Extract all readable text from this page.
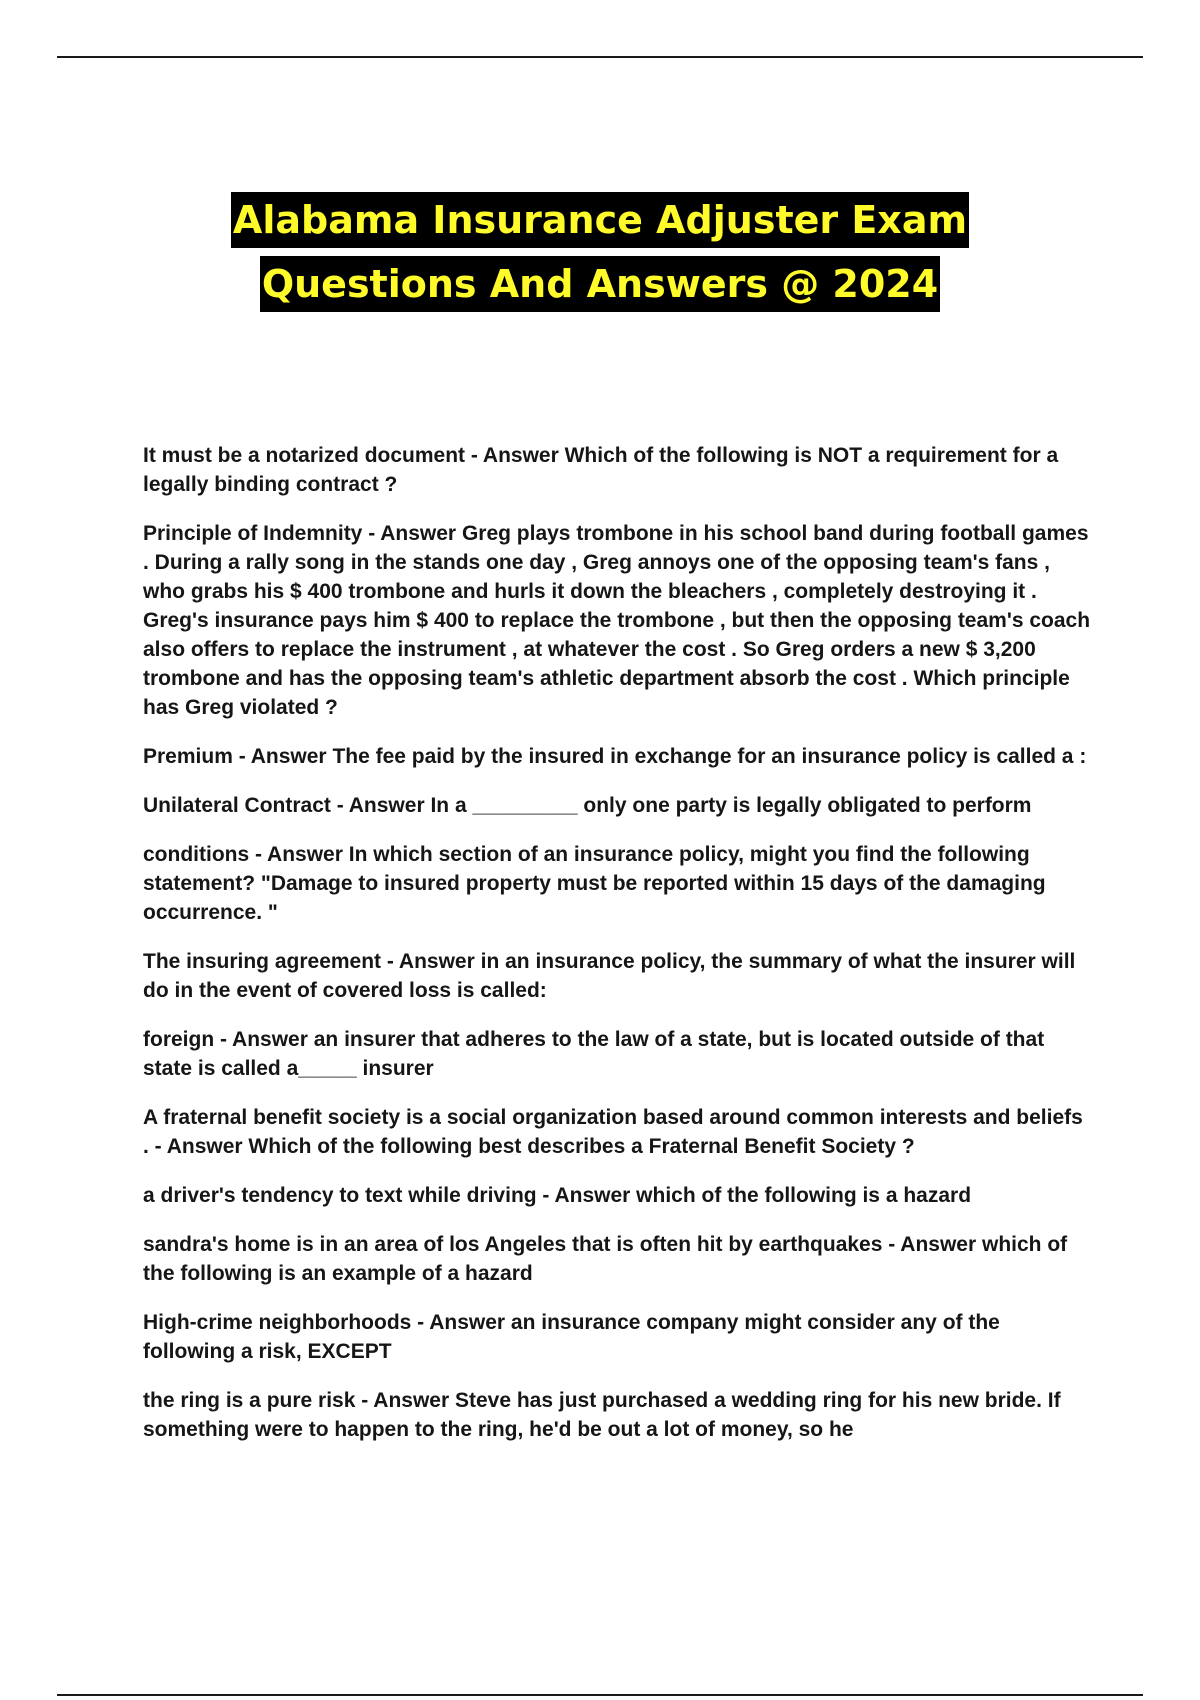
Alabama Insurance Adjuster Exam
Questions And Answers @ 2024

It must be a notarized document - Answer Which of the following is NOT a requirement for a legally binding contract ?

Principle of Indemnity - Answer Greg plays trombone in his school band during football games . During a rally song in the stands one day , Greg annoys one of the opposing team's fans , who grabs his $ 400 trombone and hurls it down the bleachers , completely destroying it . Greg's insurance pays him $ 400 to replace the trombone , but then the opposing team's coach also offers to replace the instrument , at whatever the cost . So Greg orders a new $ 3,200 trombone and has the opposing team's athletic department absorb the cost . Which principle has Greg violated ?

Premium - Answer The fee paid by the insured in exchange for an insurance policy is called a :

Unilateral Contract - Answer In a _________ only one party is legally obligated to perform

conditions - Answer In which section of an insurance policy, might you find the following statement? "Damage to insured property must be reported within 15 days of the damaging occurrence. "

The insuring agreement - Answer in an insurance policy, the summary of what the insurer will do in the event of covered loss is called:

foreign - Answer an insurer that adheres to the law of a state, but is located outside of that state is called a_____ insurer

A fraternal benefit society is a social organization based around common interests and beliefs . - Answer Which of the following best describes a Fraternal Benefit Society ?

a driver's tendency to text while driving - Answer which of the following is a hazard

sandra's home is in an area of los Angeles that is often hit by earthquakes - Answer which of the following is an example of a hazard

High-crime neighborhoods - Answer an insurance company might consider any of the following a risk, EXCEPT

the ring is a pure risk - Answer Steve has just purchased a wedding ring for his new bride. If something were to happen to the ring, he'd be out a lot of money, so he
